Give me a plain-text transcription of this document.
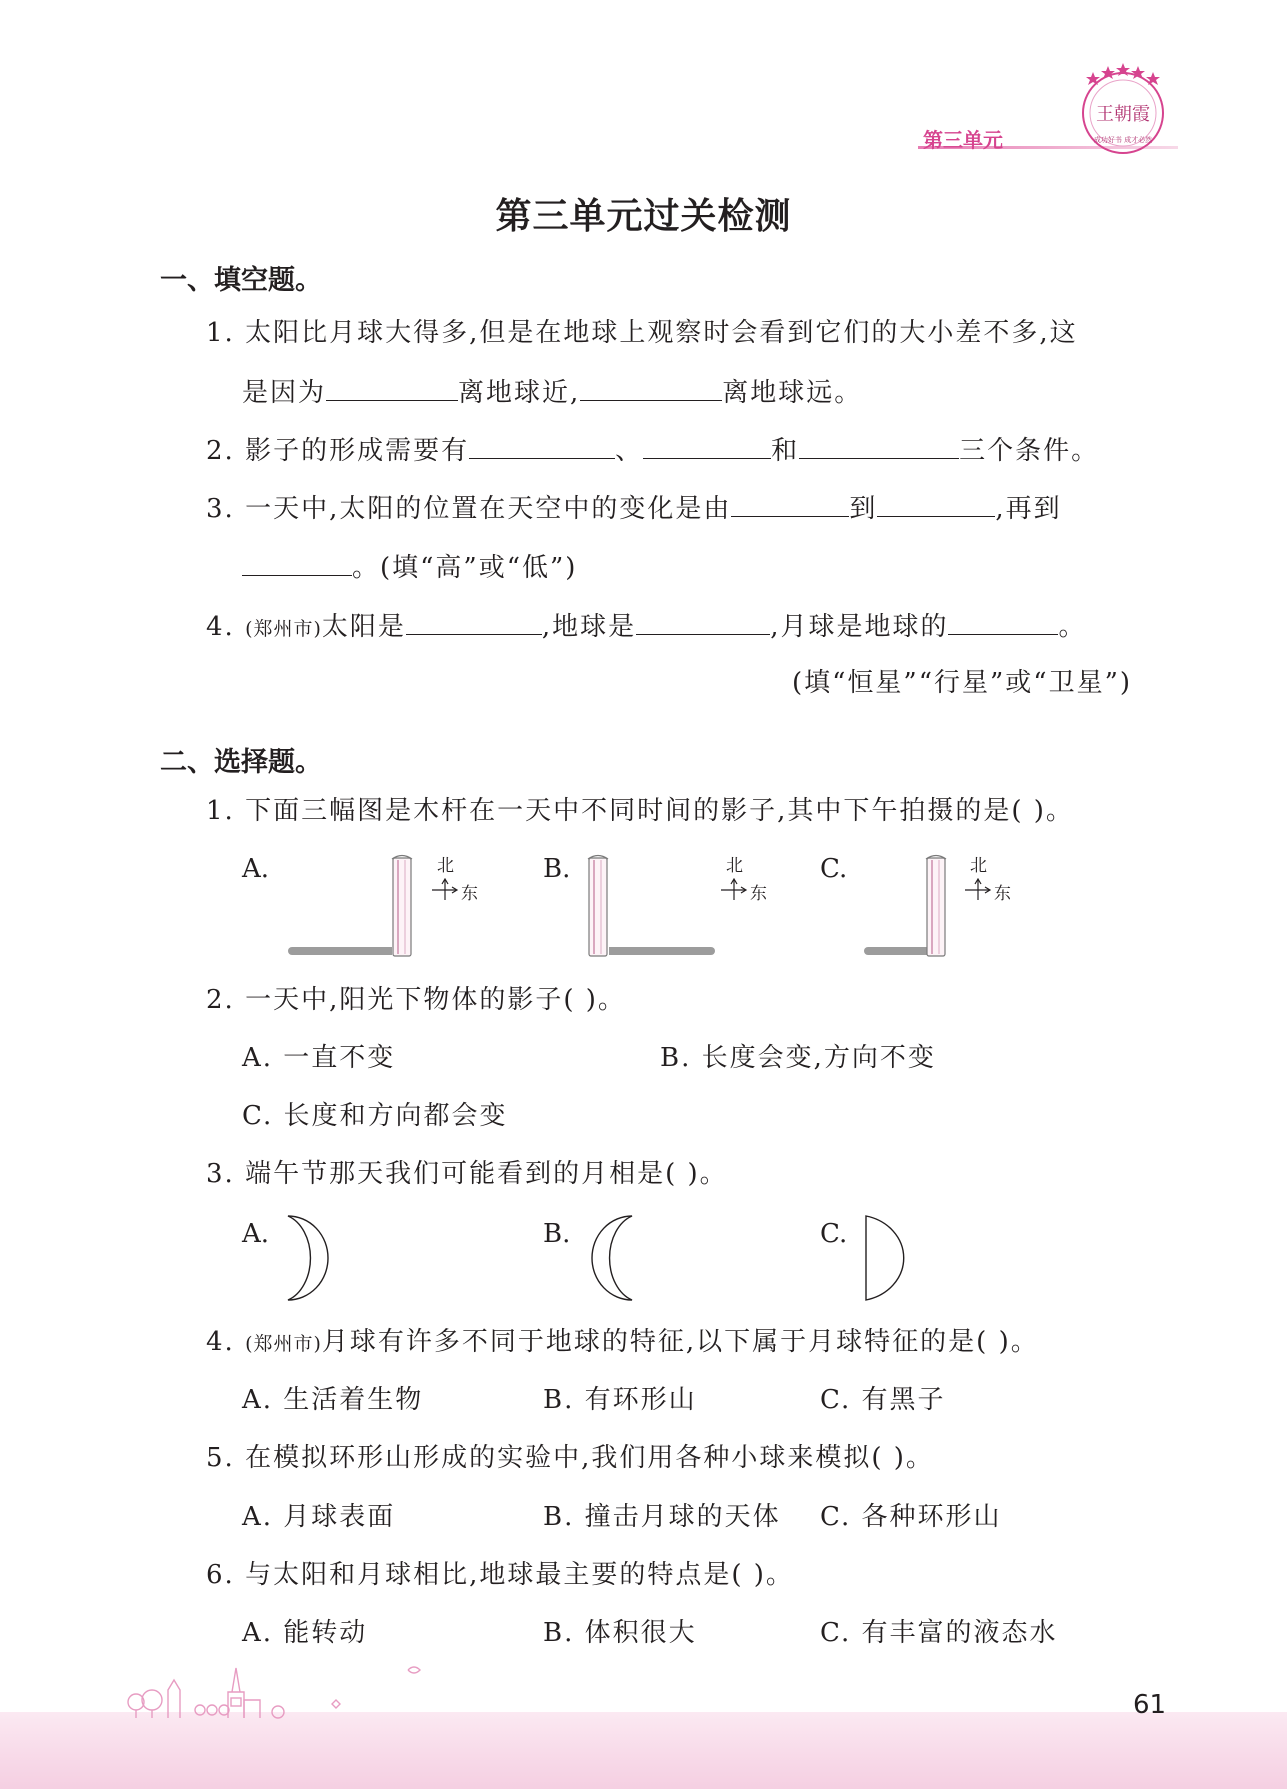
第三单元
王朝霞
成功好书 成才必然
第三单元过关检测
一、填空题。
1. 太阳比月球大得多,但是在地球上观察时会看到它们的大小差不多,这
是因为	离地球近,	离地球远。
2. 影子的形成需要有	、	和	三个条件。
3. 一天中,太阳的位置在天空中的变化是由	到	,再到
。(填“高”或“低”)
4. (郑州市)太阳是	,地球是	,月球是地球的	。
(填“恒星”“行星”或“卫星”)
二、选择题。
1. 下面三幅图是木杆在一天中不同时间的影子,其中下午拍摄的是( )。
A.	B.	C.
北
东
北
东
北
东
2. 一天中,阳光下物体的影子( )。
A. 一直不变	B. 长度会变,方向不变
C. 长度和方向都会变
3. 端午节那天我们可能看到的月相是( )。
A.	B.	C.
4. (郑州市)月球有许多不同于地球的特征,以下属于月球特征的是( )。
A. 生活着生物	B. 有环形山	C. 有黑子
5. 在模拟环形山形成的实验中,我们用各种小球来模拟( )。
A. 月球表面	B. 撞击月球的天体 C. 各种环形山
6. 与太阳和月球相比,地球最主要的特点是( )。
A. 能转动	B. 体积很大	C. 有丰富的液态水
61
